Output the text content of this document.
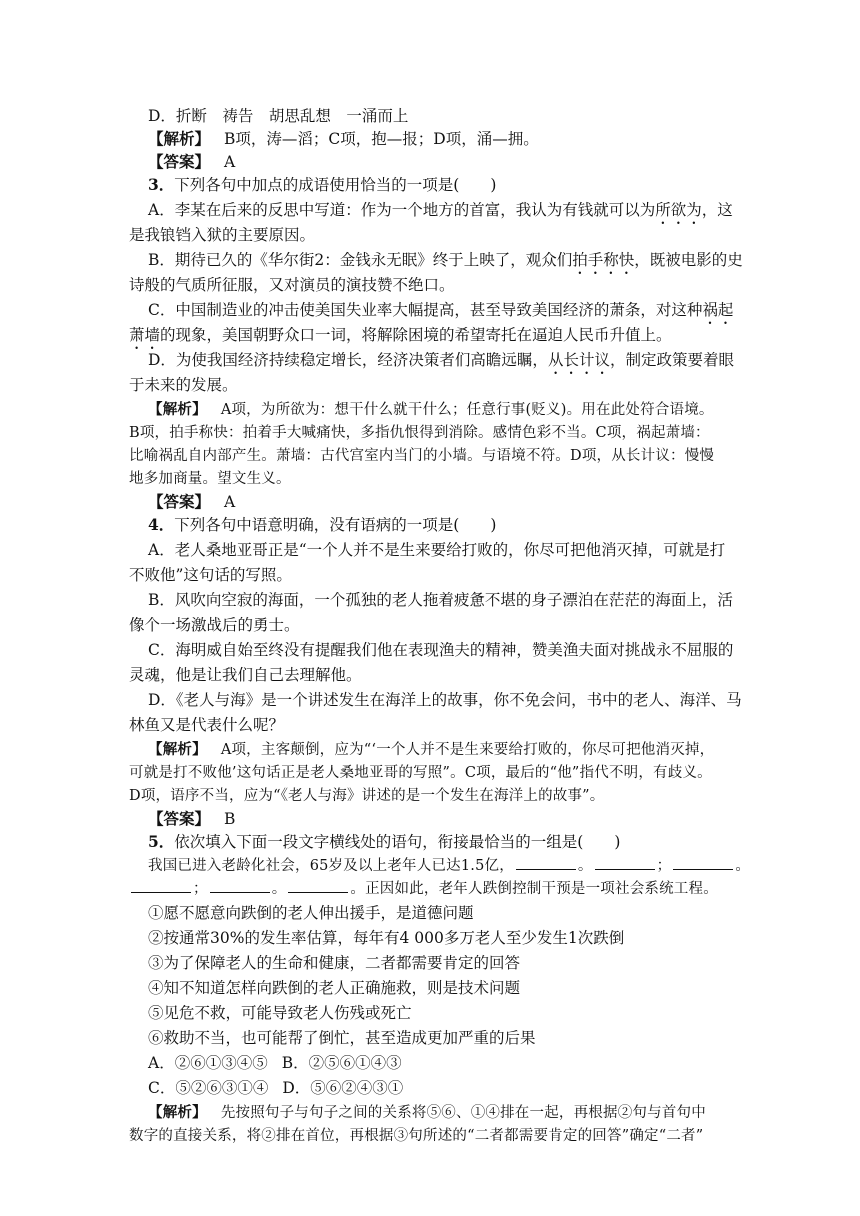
D．折断　祷告　胡思乱想　一涌而上
【解析】 B项，涛—滔；C项，抱—报；D项，涌—拥。
【答案】 A
3．下列各句中加点的成语使用恰当的一项是(　　)
A．李某在后来的反思中写道：作为一个地方的首富，我认为有钱就可以为所欲为，这
是我锒铛入狱的主要原因。
B．期待已久的《华尔街2：金钱永无眠》终于上映了，观众们拍手称快，既被电影的史
诗般的气质所征服，又对演员的演技赞不绝口。
C．中国制造业的冲击使美国失业率大幅提高，甚至导致美国经济的萧条，对这种祸起
萧墙的现象，美国朝野众口一词，将解除困境的希望寄托在逼迫人民币升值上。
D．为使我国经济持续稳定增长，经济决策者们高瞻远瞩，从长计议，制定政策要着眼
于未来的发展。
【解析】 A项，为所欲为：想干什么就干什么；任意行事(贬义)。用在此处符合语境。
B项，拍手称快：拍着手大喊痛快，多指仇恨得到消除。感情色彩不当。C项，祸起萧墙：
比喻祸乱自内部产生。萧墙：古代宫室内当门的小墙。与语境不符。D项，从长计议：慢慢
地多加商量。望文生义。
【答案】 A
4．下列各句中语意明确，没有语病的一项是(　　)
A．老人桑地亚哥正是“一个人并不是生来要给打败的，你尽可把他消灭掉，可就是打
不败他”这句话的写照。
B．风吹向空寂的海面，一个孤独的老人拖着疲惫不堪的身子漂泊在茫茫的海面上，活
像个一场激战后的勇士。
C．海明威自始至终没有提醒我们他在表现渔夫的精神，赞美渔夫面对挑战永不屈服的
灵魂，他是让我们自己去理解他。
D．《老人与海》是一个讲述发生在海洋上的故事，你不免会问，书中的老人、海洋、马
林鱼又是代表什么呢？
【解析】 A项，主客颠倒，应为“‘一个人并不是生来要给打败的，你尽可把他消灭掉，
可就是打不败他’这句话正是老人桑地亚哥的写照”。C项，最后的“他”指代不明，有歧义。
D项，语序不当，应为“《老人与海》讲述的是一个发生在海洋上的故事”。
【答案】 B
5．依次填入下面一段文字横线处的语句，衔接最恰当的一组是(　　)
我国已进入老龄化社会，65岁及以上老年人已达1.5亿，	。	；	。
；	。	。正因如此，老年人跌倒控制干预是一项社会系统工程。
①愿不愿意向跌倒的老人伸出援手，是道德问题
②按通常30%的发生率估算，每年有4 000多万老人至少发生1次跌倒
③为了保障老人的生命和健康，二者都需要肯定的回答
④知不知道怎样向跌倒的老人正确施救，则是技术问题
⑤见危不救，可能导致老人伤残或死亡
⑥救助不当，也可能帮了倒忙，甚至造成更加严重的后果
A．②⑥①③④⑤ B．②⑤⑥①④③
C．⑤②⑥③①④ D．⑤⑥②④③①
【解析】 先按照句子与句子之间的关系将⑤⑥、①④排在一起，再根据②句与首句中
数字的直接关系，将②排在首位，再根据③句所述的“二者都需要肯定的回答”确定“二者”
